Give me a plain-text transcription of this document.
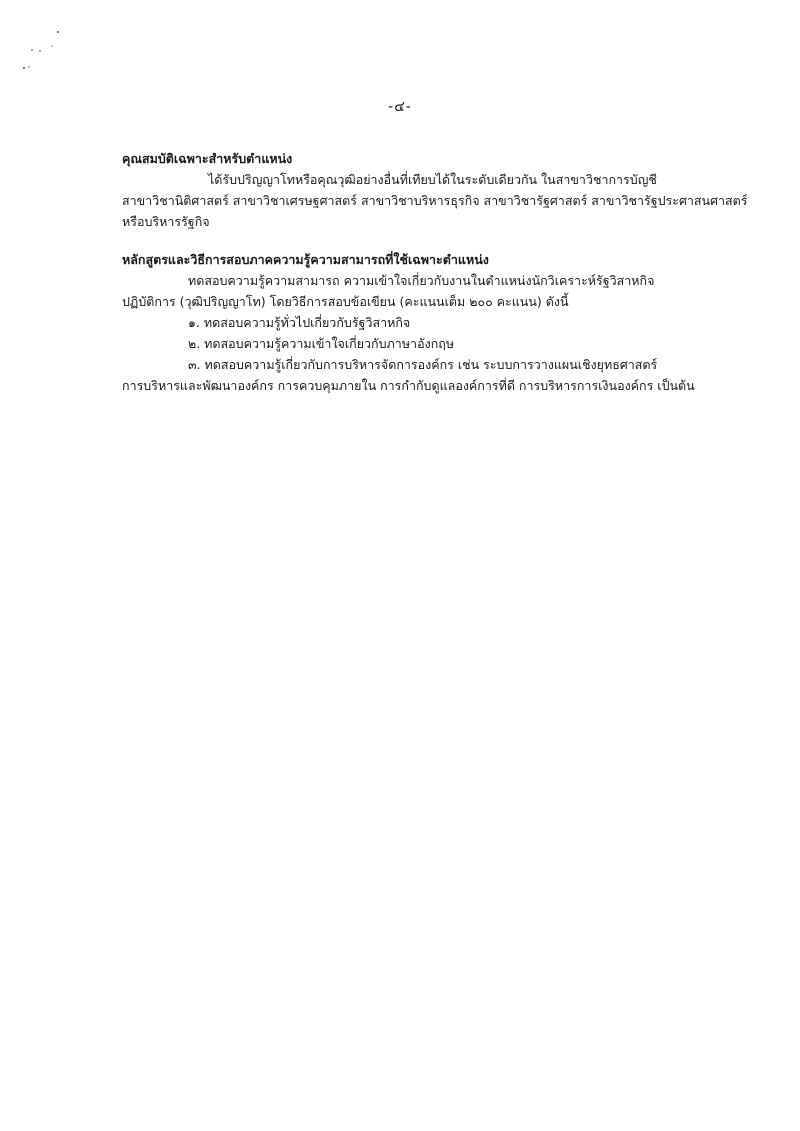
-๔-

คุณสมบัติเฉพาะสำหรับตำแหน่ง

ได้รับปริญญาโทหรือคุณวุฒิอย่างอื่นที่เทียบได้ในระดับเดียวกัน ในสาขาวิชาการบัญชี
สาขาวิชานิติศาสตร์ สาขาวิชาเศรษฐศาสตร์ สาขาวิชาบริหารธุรกิจ สาขาวิชารัฐศาสตร์ สาขาวิชารัฐประศาสนศาสตร์
หรือบริหารรัฐกิจ

หลักสูตรและวิธีการสอบภาคความรู้ความสามารถที่ใช้เฉพาะตำแหน่ง

ทดสอบความรู้ความสามารถ ความเข้าใจเกี่ยวกับงานในตำแหน่งนักวิเคราะห์รัฐวิสาหกิจ
ปฏิบัติการ (วุฒิปริญญาโท) โดยวิธีการสอบข้อเขียน (คะแนนเต็ม ๒๐๐ คะแนน) ดังนี้

๑. ทดสอบความรู้ทั่วไปเกี่ยวกับรัฐวิสาหกิจ

๒. ทดสอบความรู้ความเข้าใจเกี่ยวกับภาษาอังกฤษ

๓. ทดสอบความรู้เกี่ยวกับการบริหารจัดการองค์กร เช่น ระบบการวางแผนเชิงยุทธศาสตร์

การบริหารและพัฒนาองค์กร การควบคุมภายใน การกำกับดูแลองค์การที่ดี การบริหารการเงินองค์กร เป็นต้น
